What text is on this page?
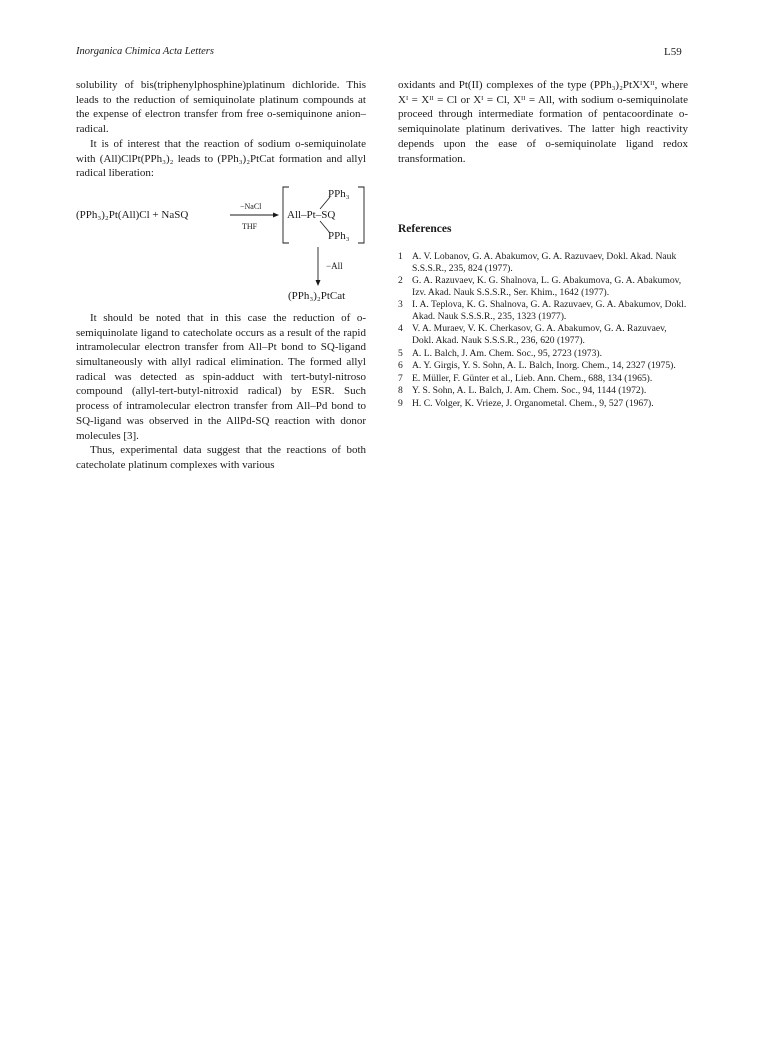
Inorganica Chimica Acta Letters	L59

solubility of bis(triphenylphosphine)platinum dichloride. This leads to the reduction of semiquinolate platinum compounds at the expense of electron transfer from free o-semiquinone anion–radical.

It is of interest that the reaction of sodium o-semiquinolate with (All)ClPt(PPh₃)₂ leads to (PPh₃)₂PtCat formation and allyl radical liberation:

(PPh₃)₂Pt(All)Cl + NaSQ
−NaCl
THF
PPh₃
All–Pt–SQ
PPh₃
−All
(PPh₃)₂PtCat

It should be noted that in this case the reduction of o-semiquinolate ligand to catecholate occurs as a result of the rapid intramolecular electron transfer from All–Pt bond to SQ-ligand simultaneously with allyl radical elimination. The formed allyl radical was detected as spin-adduct with tert-butyl-nitroso compound (allyl-tert-butyl-nitroxid radical) by ESR. Such process of intramolecular electron transfer from All–Pd bond to SQ-ligand was observed in the AllPd-SQ reaction with donor molecules [3].

Thus, experimental data suggest that the reactions of both catecholate platinum complexes with various

oxidants and Pt(II) complexes of the type (PPh₃)₂PtXᴵXᴵᴵ, where Xᴵ = Xᴵᴵ = Cl or Xᴵ = Cl, Xᴵᴵ = All, with sodium o-semiquinolate proceed through intermediate formation of pentacoordinate o-semiquinolate platinum derivatives. The latter high reactivity depends upon the ease of o-semiquinolate ligand redox transformation.

References
1 A. V. Lobanov, G. A. Abakumov, G. A. Razuvaev, Dokl. Akad. Nauk S.S.S.R., 235, 824 (1977).
2 G. A. Razuvaev, K. G. Shalnova, L. G. Abakumova, G. A. Abakumov, Izv. Akad. Nauk S.S.S.R., Ser. Khim., 1642 (1977).
3 I. A. Teplova, K. G. Shalnova, G. A. Razuvaev, G. A. Abakumov, Dokl. Akad. Nauk S.S.S.R., 235, 1323 (1977).
4 V. A. Muraev, V. K. Cherkasov, G. A. Abakumov, G. A. Razuvaev, Dokl. Akad. Nauk S.S.S.R., 236, 620 (1977).
5 A. L. Balch, J. Am. Chem. Soc., 95, 2723 (1973).
6 A. Y. Girgis, Y. S. Sohn, A. L. Balch, Inorg. Chem., 14, 2327 (1975).
7 E. Müller, F. Günter et al., Lieb. Ann. Chem., 688, 134 (1965).
8 Y. S. Sohn, A. L. Balch, J. Am. Chem. Soc., 94, 1144 (1972).
9 H. C. Volger, K. Vrieze, J. Organometal. Chem., 9, 527 (1967).
